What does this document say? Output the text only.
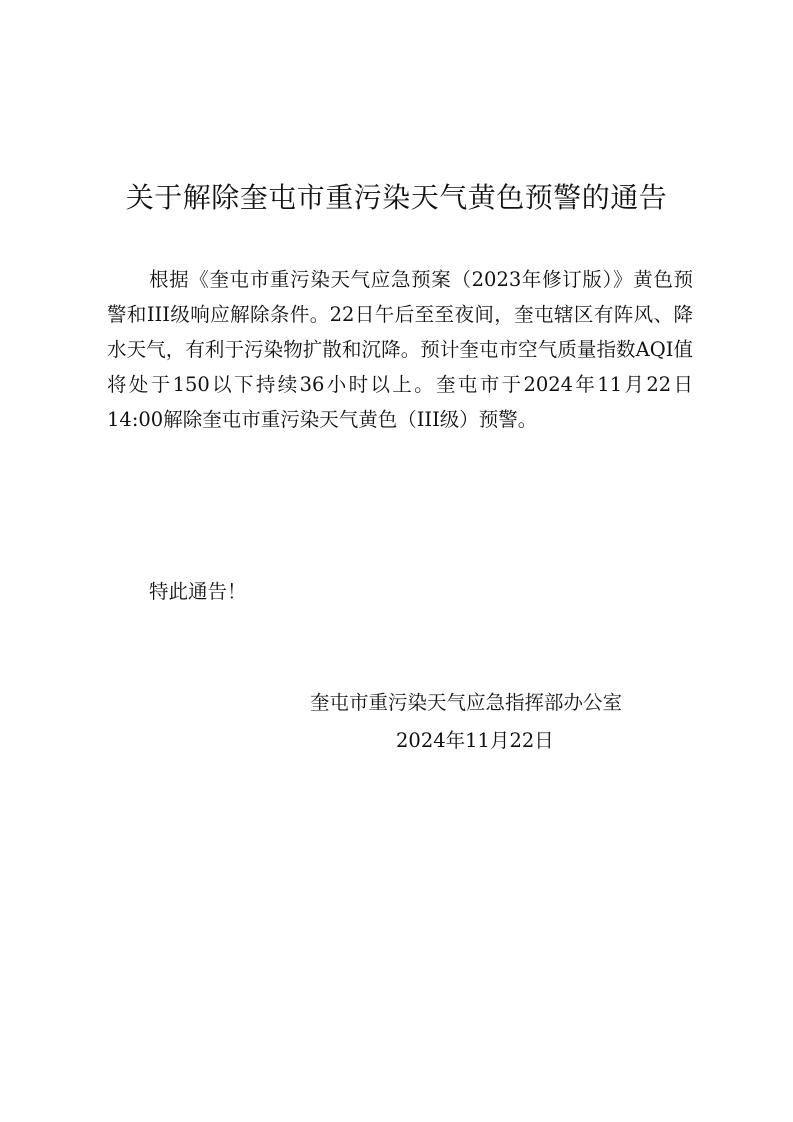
关于解除奎屯市重污染天气黄色预警的通告

根据《奎屯市重污染天气应急预案（2023年修订版）》黄色预警和III级响应解除条件。22日午后至至夜间，奎屯辖区有阵风、降水天气，有利于污染物扩散和沉降。预计奎屯市空气质量指数AQI值将处于150以下持续36小时以上。奎屯市于2024年11月22日14:00解除奎屯市重污染天气黄色（III级）预警。

特此通告！

奎屯市重污染天气应急指挥部办公室
2024年11月22日
